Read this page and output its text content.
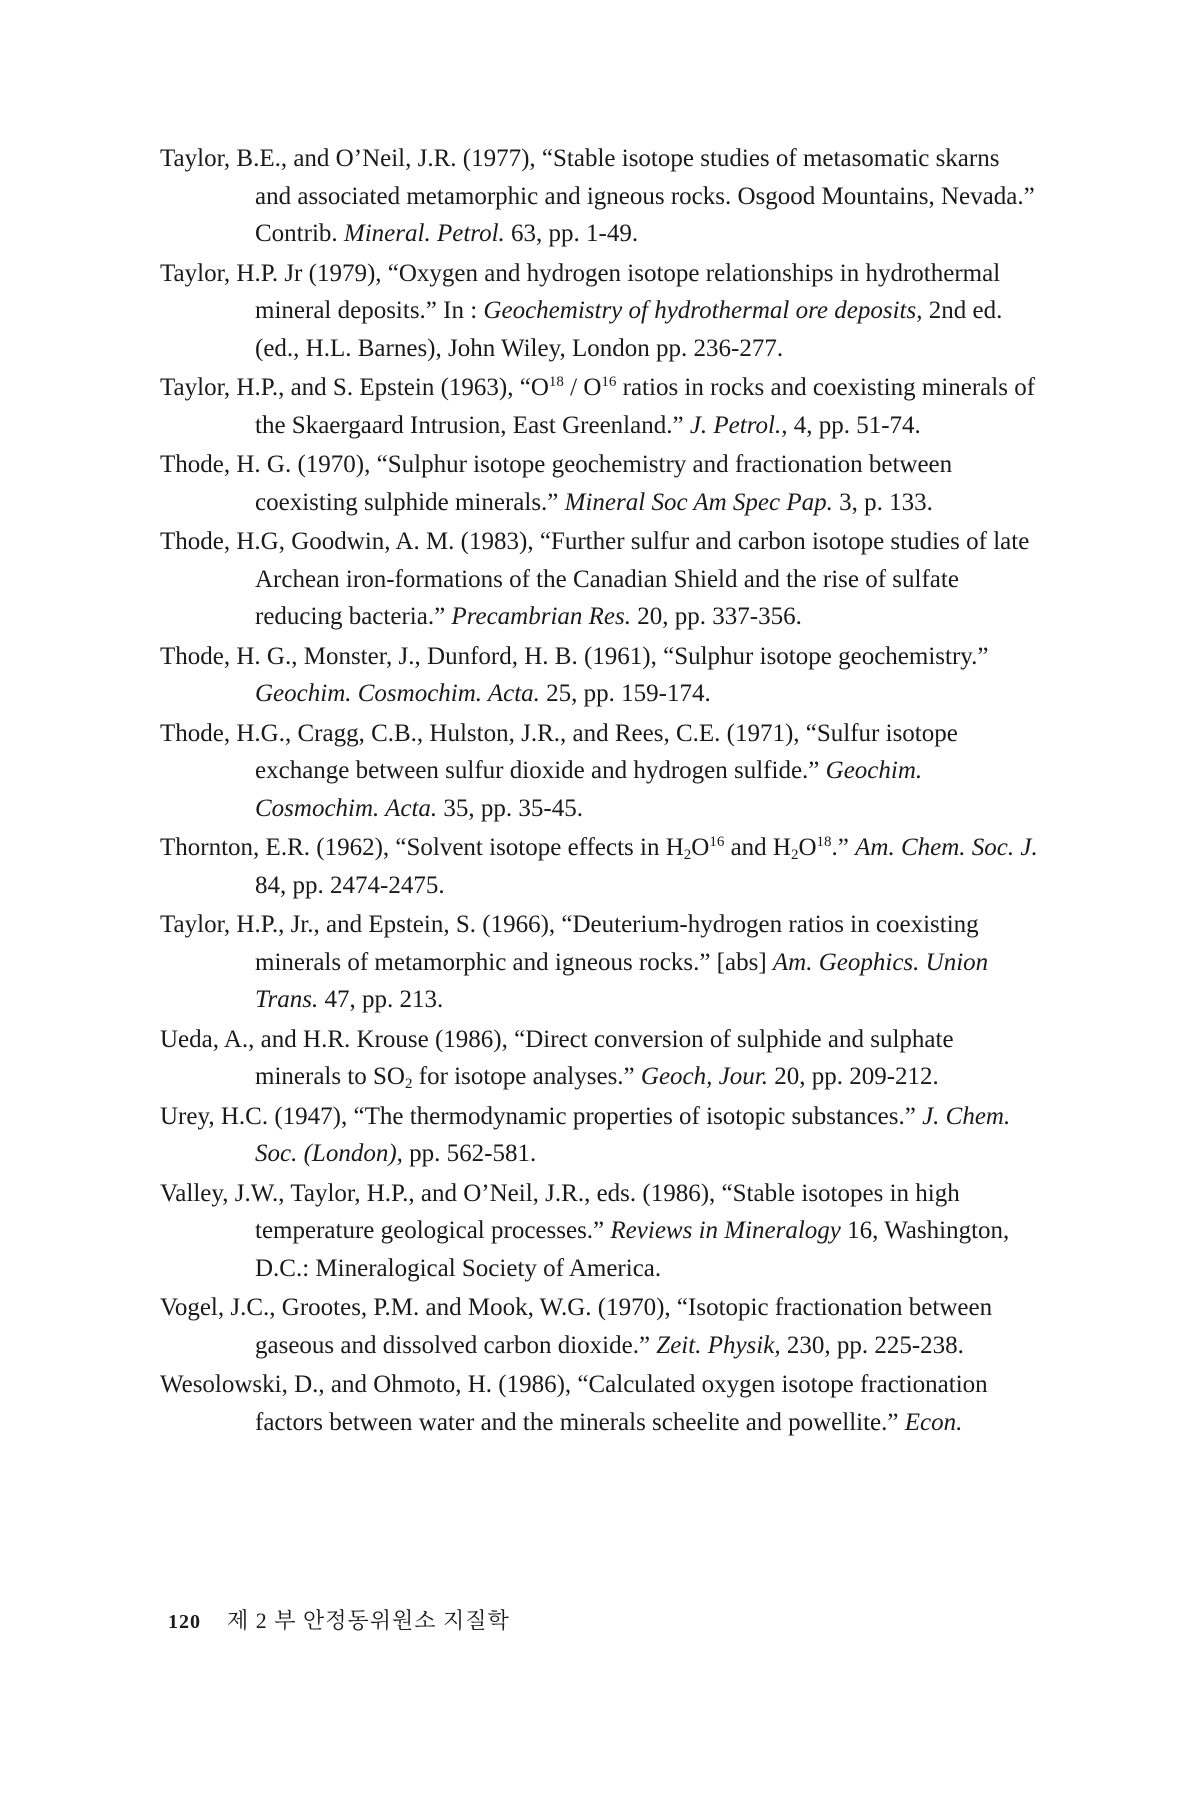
Taylor, B.E., and O’Neil, J.R. (1977), “Stable isotope studies of metasomatic skarns and associated metamorphic and igneous rocks. Osgood Mountains, Nevada.” Contrib. Mineral. Petrol. 63, pp. 1-49.

Taylor, H.P. Jr (1979), “Oxygen and hydrogen isotope relationships in hydrothermal mineral deposits.” In : Geochemistry of hydrothermal ore deposits, 2nd ed. (ed., H.L. Barnes), John Wiley, London pp. 236-277.

Taylor, H.P., and S. Epstein (1963), “$O^{18} / O^{16}$ ratios in rocks and coexisting minerals of the Skaergaard Intrusion, East Greenland.” J. Petrol., 4, pp. 51-74.

Thode, H. G. (1970), “Sulphur isotope geochemistry and fractionation between coexisting sulphide minerals.” Mineral Soc Am Spec Pap. 3, p. 133.

Thode, H.G, Goodwin, A. M. (1983), “Further sulfur and carbon isotope studies of late Archean iron-formations of the Canadian Shield and the rise of sulfate reducing bacteria.” Precambrian Res. 20, pp. 337-356.

Thode, H. G., Monster, J., Dunford, H. B. (1961), “Sulphur isotope geochemistry.” Geochim. Cosmochim. Acta. 25, pp. 159-174.

Thode, H.G., Cragg, C.B., Hulston, J.R., and Rees, C.E. (1971), “Sulfur isotope exchange between sulfur dioxide and hydrogen sulfide.” Geochim. Cosmochim. Acta. 35, pp. 35-45.

Thornton, E.R. (1962), “Solvent isotope effects in $H_2O^{16}$ and $H_2O^{18}$.” Am. Chem. Soc. J. 84, pp. 2474-2475.

Taylor, H.P., Jr., and Epstein, S. (1966), “Deuterium-hydrogen ratios in coexisting minerals of metamorphic and igneous rocks.” [abs] Am. Geophics. Union Trans. 47, pp. 213.

Ueda, A., and H.R. Krouse (1986), “Direct conversion of sulphide and sulphate minerals to $SO_2$ for isotope analyses.” Geoch, Jour. 20, pp. 209-212.

Urey, H.C. (1947), “The thermodynamic properties of isotopic substances.” J. Chem. Soc. (London), pp. 562-581.

Valley, J.W., Taylor, H.P., and O’Neil, J.R., eds. (1986), “Stable isotopes in high temperature geological processes.” Reviews in Mineralogy 16, Washington, D.C.: Mineralogical Society of America.

Vogel, J.C., Grootes, P.M. and Mook, W.G. (1970), “Isotopic fractionation between gaseous and dissolved carbon dioxide.” Zeit. Physik, 230, pp. 225-238.

Wesolowski, D., and Ohmoto, H. (1986), “Calculated oxygen isotope fractionation factors between water and the minerals scheelite and powellite.” Econ.

120 제 2 부 안정동위원소 지질학
